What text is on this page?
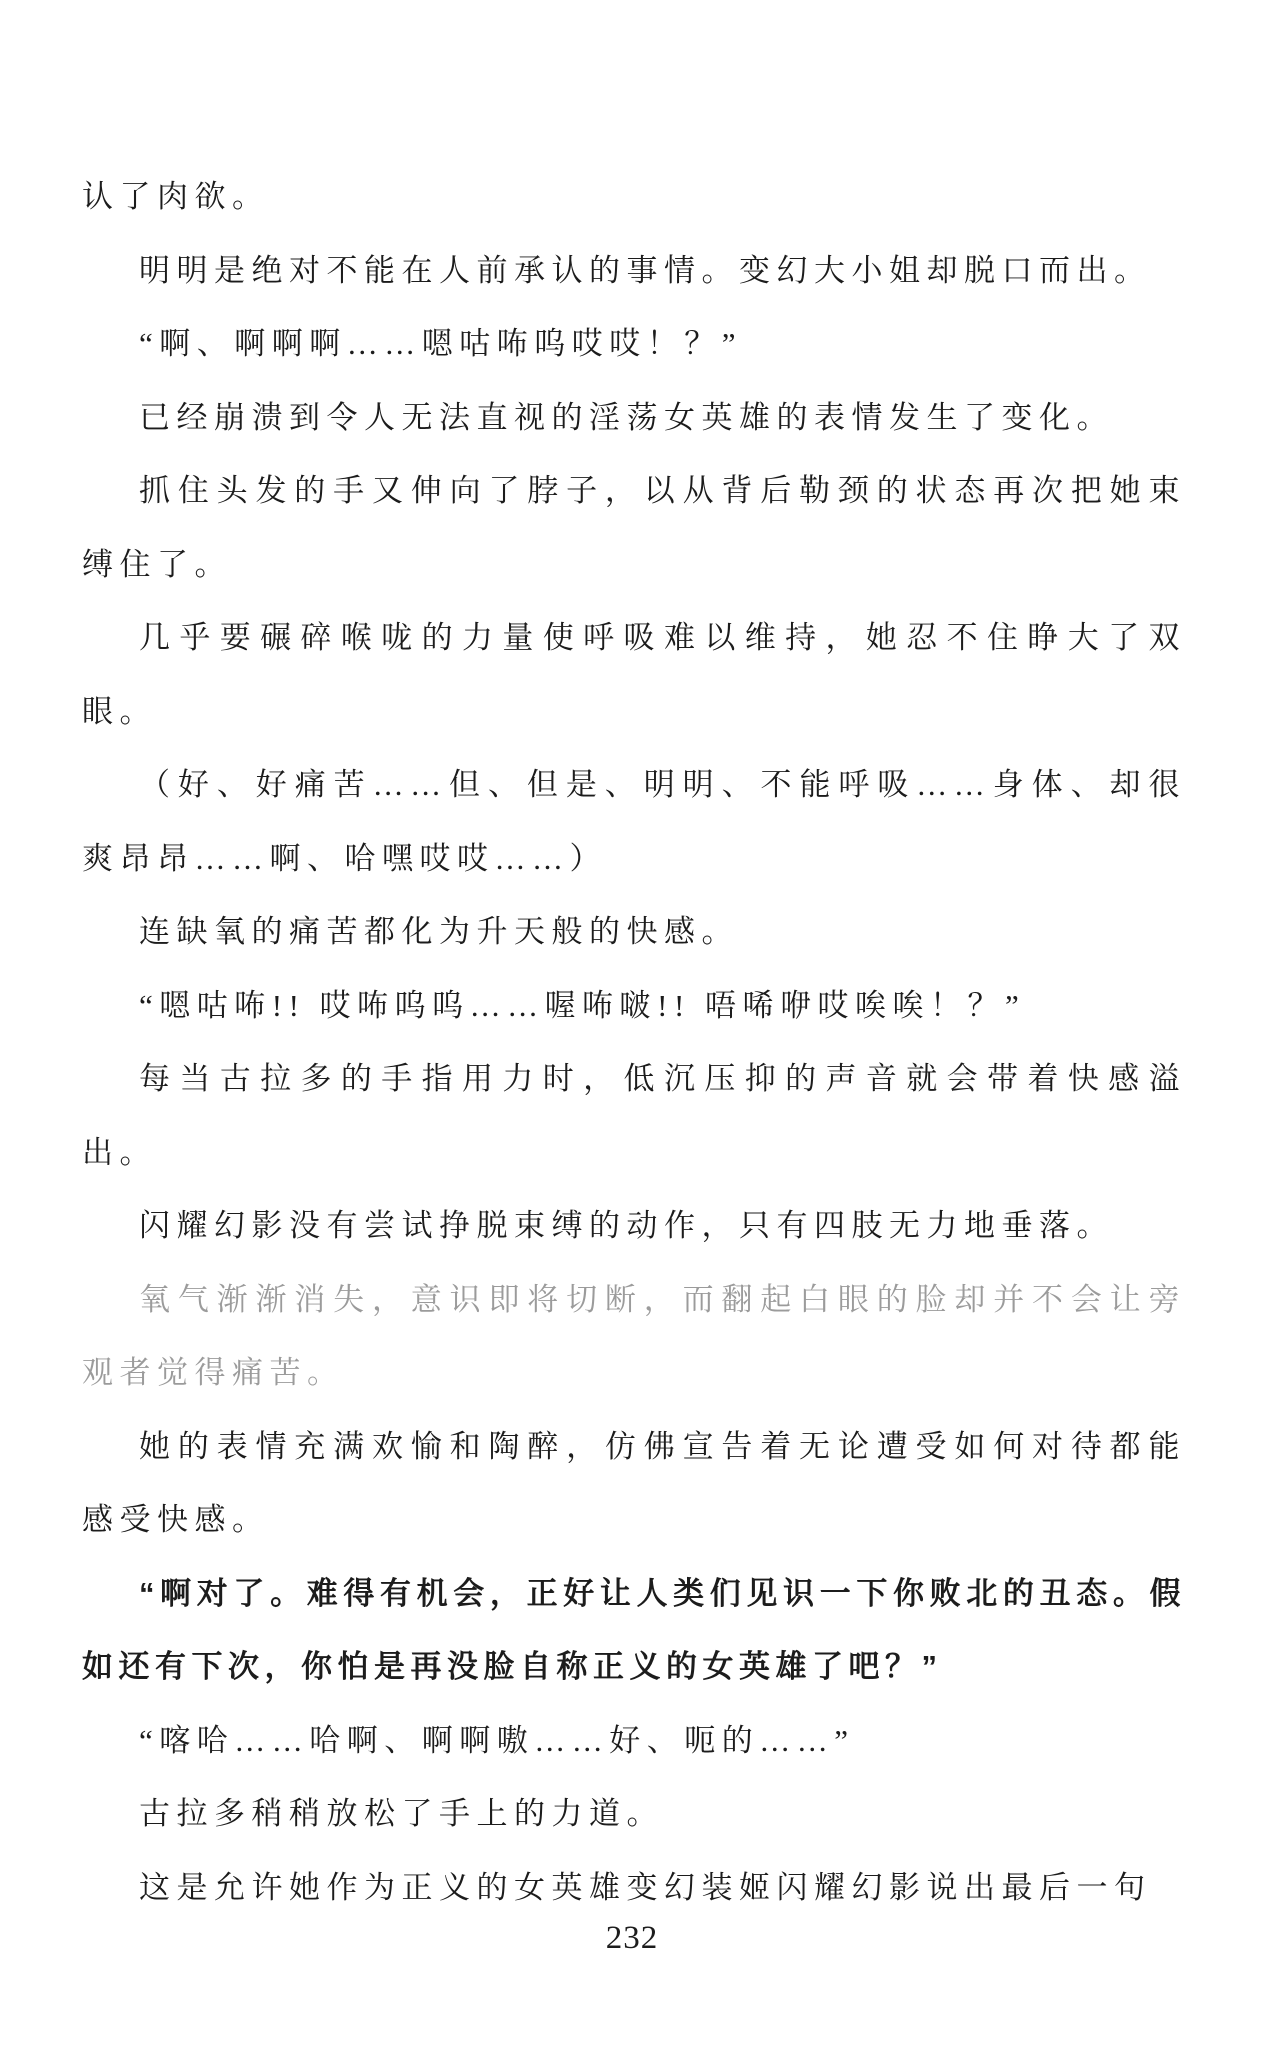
认了肉欲。

明明是绝对不能在人前承认的事情。变幻大小姐却脱口而出。

“啊、啊啊啊……嗯咕咘呜哎哎！？”

已经崩溃到令人无法直视的淫荡女英雄的表情发生了变化。

抓住头发的手又伸向了脖子，以从背后勒颈的状态再次把她束缚住了。

几乎要碾碎喉咙的力量使呼吸难以维持，她忍不住睁大了双眼。

（好、好痛苦……但、但是、明明、不能呼吸……身体、却很爽昂昂……啊、哈嘿哎哎……）

连缺氧的痛苦都化为升天般的快感。

“嗯咕咘!! 哎咘呜呜……喔咘啵!! 唔唏咿哎唉唉！？”

每当古拉多的手指用力时，低沉压抑的声音就会带着快感溢出。

闪耀幻影没有尝试挣脱束缚的动作，只有四肢无力地垂落。

氧气渐渐消失，意识即将切断，而翻起白眼的脸却并不会让旁观者觉得痛苦。

她的表情充满欢愉和陶醉，仿佛宣告着无论遭受如何对待都能感受快感。

“啊对了。难得有机会，正好让人类们见识一下你败北的丑态。假如还有下次，你怕是再没脸自称正义的女英雄了吧？”

“喀哈……哈啊、啊啊嗷……好、呃的……”

古拉多稍稍放松了手上的力道。

这是允许她作为正义的女英雄变幻装姬闪耀幻影说出最后一句

232
